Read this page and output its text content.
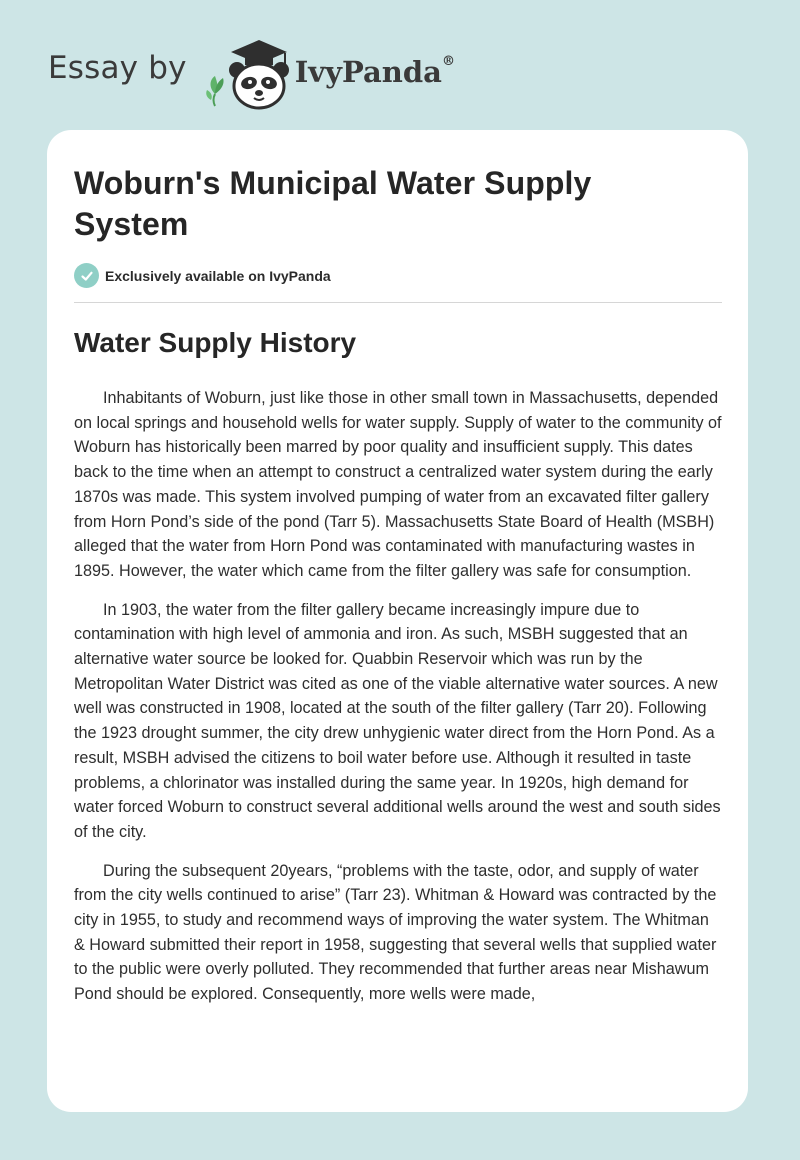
Essay by	IvyPanda®
Woburn's Municipal Water Supply System
Exclusively available on IvyPanda
Water Supply History

Inhabitants of Woburn, just like those in other small town in Massachusetts, depended on local springs and household wells for water supply. Supply of water to the community of Woburn has historically been marred by poor quality and insufficient supply. This dates back to the time when an attempt to construct a centralized water system during the early 1870s was made. This system involved pumping of water from an excavated filter gallery from Horn Pond’s side of the pond (Tarr 5). Massachusetts State Board of Health (MSBH) alleged that the water from Horn Pond was contaminated with manufacturing wastes in 1895. However, the water which came from the filter gallery was safe for consumption.

In 1903, the water from the filter gallery became increasingly impure due to contamination with high level of ammonia and iron. As such, MSBH suggested that an alternative water source be looked for. Quabbin Reservoir which was run by the Metropolitan Water District was cited as one of the viable alternative water sources. A new well was constructed in 1908, located at the south of the filter gallery (Tarr 20). Following the 1923 drought summer, the city drew unhygienic water direct from the Horn Pond. As a result, MSBH advised the citizens to boil water before use. Although it resulted in taste problems, a chlorinator was installed during the same year. In 1920s, high demand for water forced Woburn to construct several additional wells around the west and south sides of the city.

During the subsequent 20years, “problems with the taste, odor, and supply of water from the city wells continued to arise” (Tarr 23). Whitman & Howard was contracted by the city in 1955, to study and recommend ways of improving the water system. The Whitman & Howard submitted their report in 1958, suggesting that several wells that supplied water to the public were overly polluted. They recommended that further areas near Mishawum Pond should be explored. Consequently, more wells were made,
